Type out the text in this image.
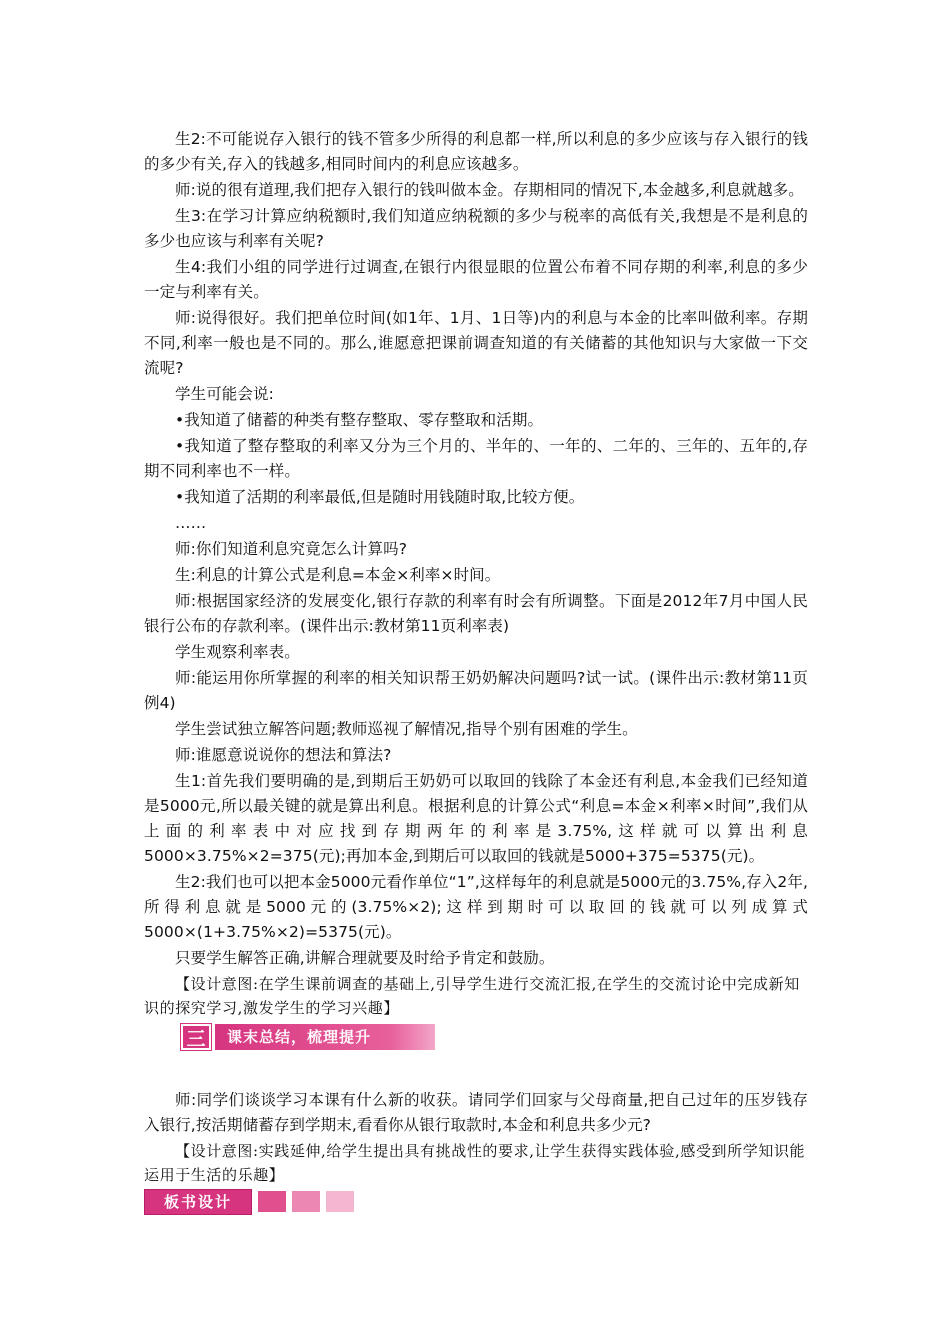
生2:不可能说存入银行的钱不管多少所得的利息都一样,所以利息的多少应该与存入银行的钱的多少有关,存入的钱越多,相同时间内的利息应该越多。

师:说的很有道理,我们把存入银行的钱叫做本金。存期相同的情况下,本金越多,利息就越多。

生3:在学习计算应纳税额时,我们知道应纳税额的多少与税率的高低有关,我想是不是利息的多少也应该与利率有关呢?

生4:我们小组的同学进行过调查,在银行内很显眼的位置公布着不同存期的利率,利息的多少一定与利率有关。

师:说得很好。我们把单位时间(如1年、1月、1日等)内的利息与本金的比率叫做利率。存期不同,利率一般也是不同的。那么,谁愿意把课前调查知道的有关储蓄的其他知识与大家做一下交流呢?

学生可能会说:

•我知道了储蓄的种类有整存整取、零存整取和活期。

•我知道了整存整取的利率又分为三个月的、半年的、一年的、二年的、三年的、五年的,存期不同利率也不一样。

•我知道了活期的利率最低,但是随时用钱随时取,比较方便。

……

师:你们知道利息究竟怎么计算吗?

生:利息的计算公式是利息=本金×利率×时间。

师:根据国家经济的发展变化,银行存款的利率有时会有所调整。下面是2012年7月中国人民银行公布的存款利率。(课件出示:教材第11页利率表)

学生观察利率表。

师:能运用你所掌握的利率的相关知识帮王奶奶解决问题吗?试一试。(课件出示:教材第11页例4)

学生尝试独立解答问题;教师巡视了解情况,指导个别有困难的学生。

师:谁愿意说说你的想法和算法?

生1:首先我们要明确的是,到期后王奶奶可以取回的钱除了本金还有利息,本金我们已经知道是5000元,所以最关键的就是算出利息。根据利息的计算公式“利息=本金×利率×时间”,我们从上面的利率表中对应找到存期两年的利率是3.75%,这样就可以算出利息5000×3.75%×2=375(元);再加本金,到期后可以取回的钱就是5000+375=5375(元)。

生2:我们也可以把本金5000元看作单位“1”,这样每年的利息就是5000元的3.75%,存入2年,所得利息就是5000元的(3.75%×2);这样到期时可以取回的钱就可以列成算式5000×(1+3.75%×2)=5375(元)。

只要学生解答正确,讲解合理就要及时给予肯定和鼓励。

【设计意图:在学生课前调查的基础上,引导学生进行交流汇报,在学生的交流讨论中完成新知识的探究学习,激发学生的学习兴趣】

三	课末总结，梳理提升

师:同学们谈谈学习本课有什么新的收获。请同学们回家与父母商量,把自己过年的压岁钱存入银行,按活期储蓄存到学期末,看看你从银行取款时,本金和利息共多少元?

【设计意图:实践延伸,给学生提出具有挑战性的要求,让学生获得实践体验,感受到所学知识能运用于生活的乐趣】

板书设计
